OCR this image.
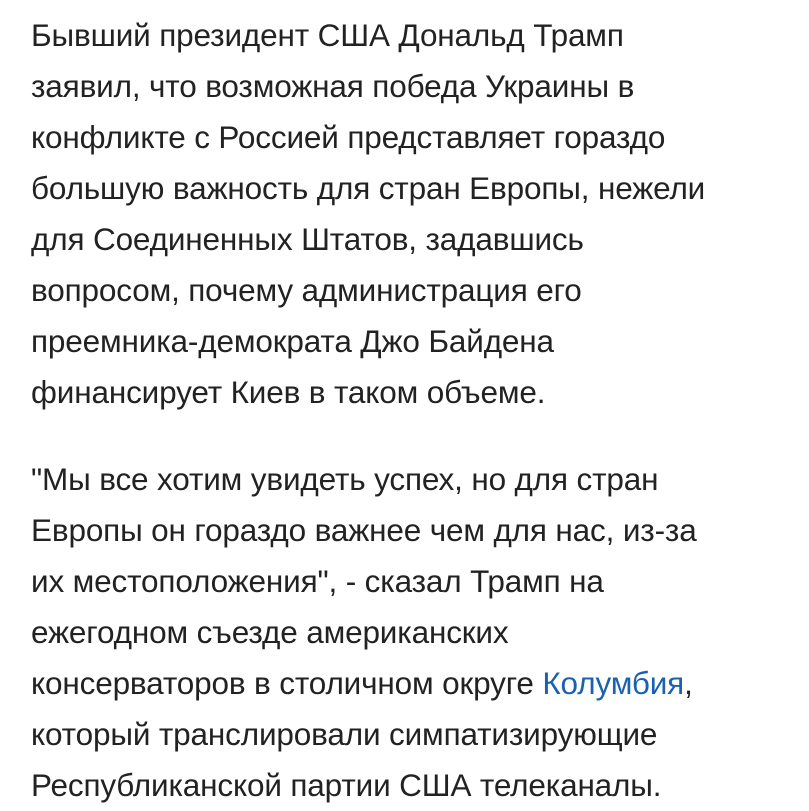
Бывший президент США Дональд Трамп
заявил, что возможная победа Украины в
конфликте с Россией представляет гораздо
большую важность для стран Европы, нежели
для Соединенных Штатов, задавшись
вопросом, почему администрация его
преемника-демократа Джо Байдена
финансирует Киев в таком объеме.
"Мы все хотим увидеть успех, но для стран
Европы он гораздо важнее чем для нас, из-за
их местоположения", - сказал Трамп на
ежегодном съезде американских
консерваторов в столичном округе Колумбия,
который транслировали симпатизирующие
Республиканской партии США телеканалы.
